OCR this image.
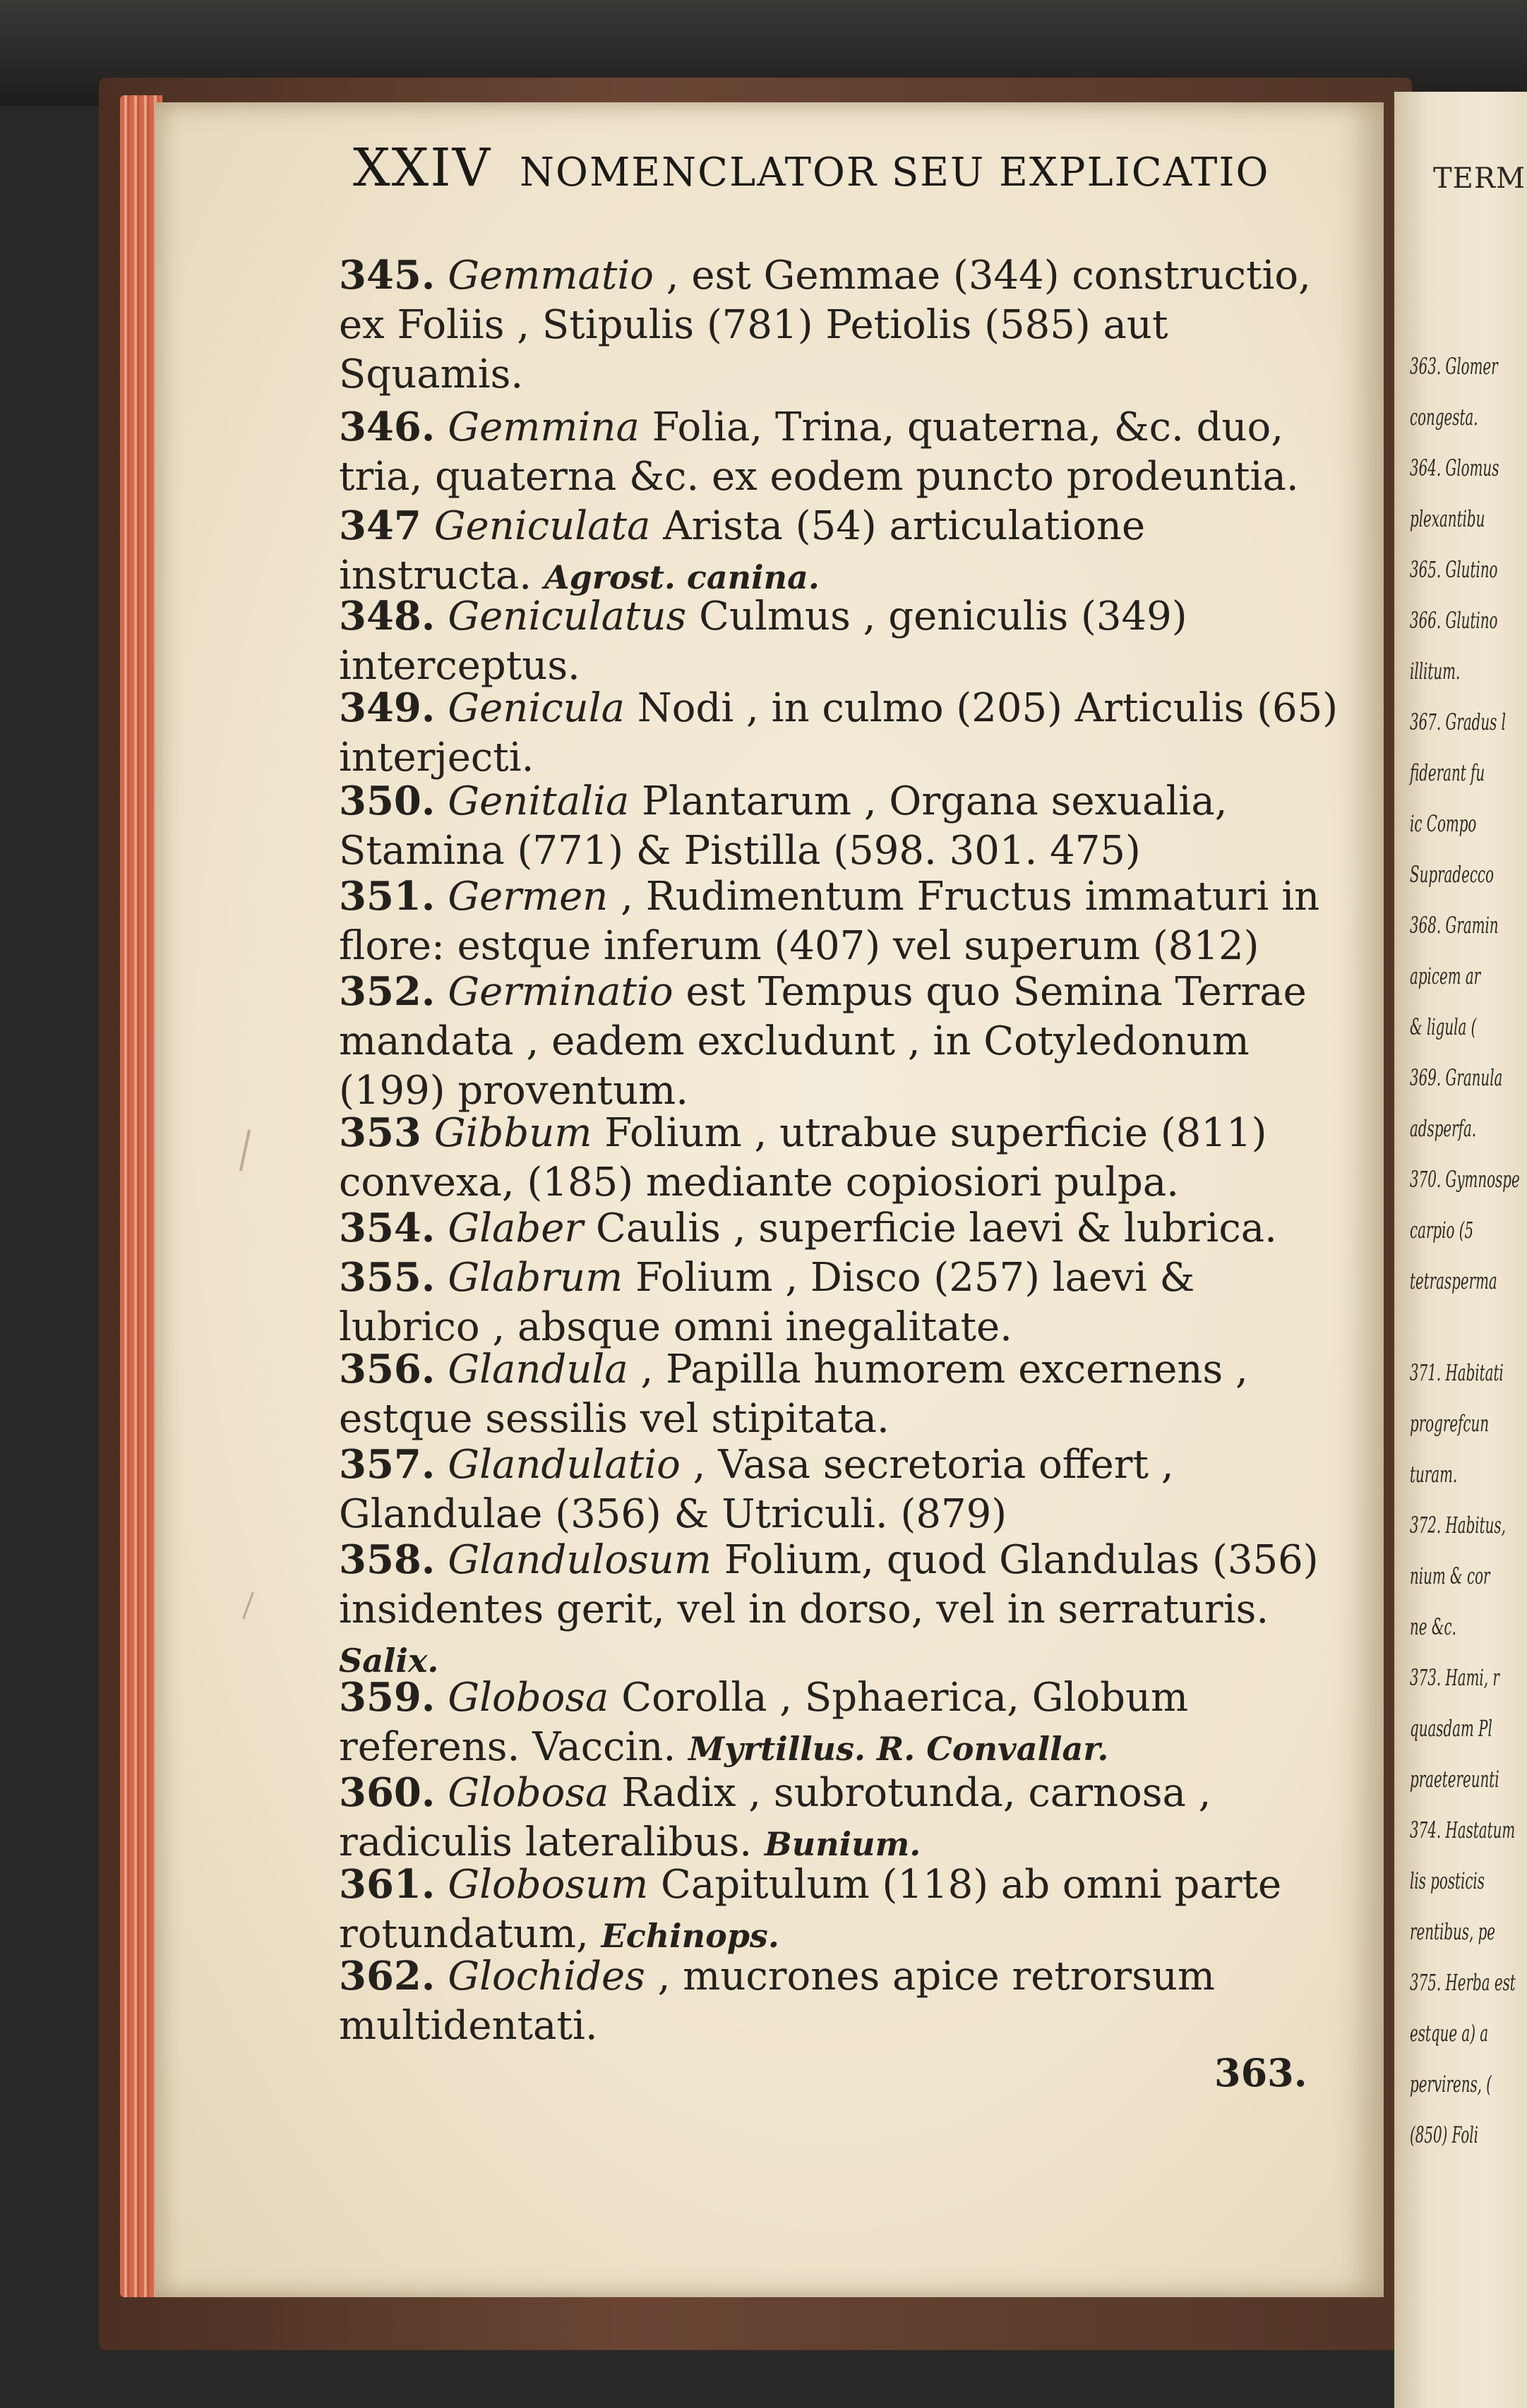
XXIV NOMENCLATOR SEU EXPLICATIO
345. Gemmatio , est Gemmae (344) constructio, ex Foliis , Stipulis (781) Petiolis (585) aut Squamis.
346. Gemmina Folia, Trina, quaterna, &c. duo, tria, quaterna &c. ex eodem puncto prodeuntia.
347 Geniculata Arista (54) articulatione instructa. Agrost. canina.
348. Geniculatus Culmus , geniculis (349) interceptus.
349. Genicula Nodi , in culmo (205) Articulis (65) interjecti.
350. Genitalia Plantarum , Organa sexualia, Stamina (771) & Pistilla (598. 301. 475)
351. Germen , Rudimentum Fructus immaturi in flore: estque inferum (407) vel superum (812)
352. Germinatio est Tempus quo Semina Terrae mandata , eadem excludunt , in Cotyledonum (199) proventum.
353 Gibbum Folium , utrabue superficie (811) convexa, (185) mediante copiosiori pulpa.
354. Glaber Caulis , superficie laevi & lubrica.
355. Glabrum Folium , Disco (257) laevi & lubrico , absque omni inegalitate.
356. Glandula , Papilla humorem excernens , estque sessilis vel stipitata.
357. Glandulatio , Vasa secretoria offert , Glandulae (356) & Utriculi. (879)
358. Glandulosum Folium, quod Glandulas (356) insidentes gerit, vel in dorso, vel in serraturis. Salix.
359. Globosa Corolla , Sphaerica, Globum referens. Vaccin. Myrtillus. R. Convallar.
360. Globosa Radix , subrotunda, carnosa , radiculis lateralibus. Bunium.
361. Globosum Capitulum (118) ab omni parte rotundatum, Echinops.
362. Glochides , mucrones apice retrorsum multidentati.
363.
TERM
363. Glomer
congesta.
364. Glomus
plexantibu
365. Glutino
366. Glutino
illitum.
367. Gradus l
fiderant fu
ic Compo
Supradecco
368. Gramin
apicem ar
& ligula (
369. Granula
adsperfa.
370. Gymnospe
carpio (5
tetrasperma
371. Habitati
progrefcun
turam.
372. Habitus,
nium & cor
ne &c.
373. Hami, r
quasdam Pl
praetereunti
374. Hastatum
lis posticis
rentibus, pe
375. Herba est
estque a) a
pervirens, (
(850) Foli
